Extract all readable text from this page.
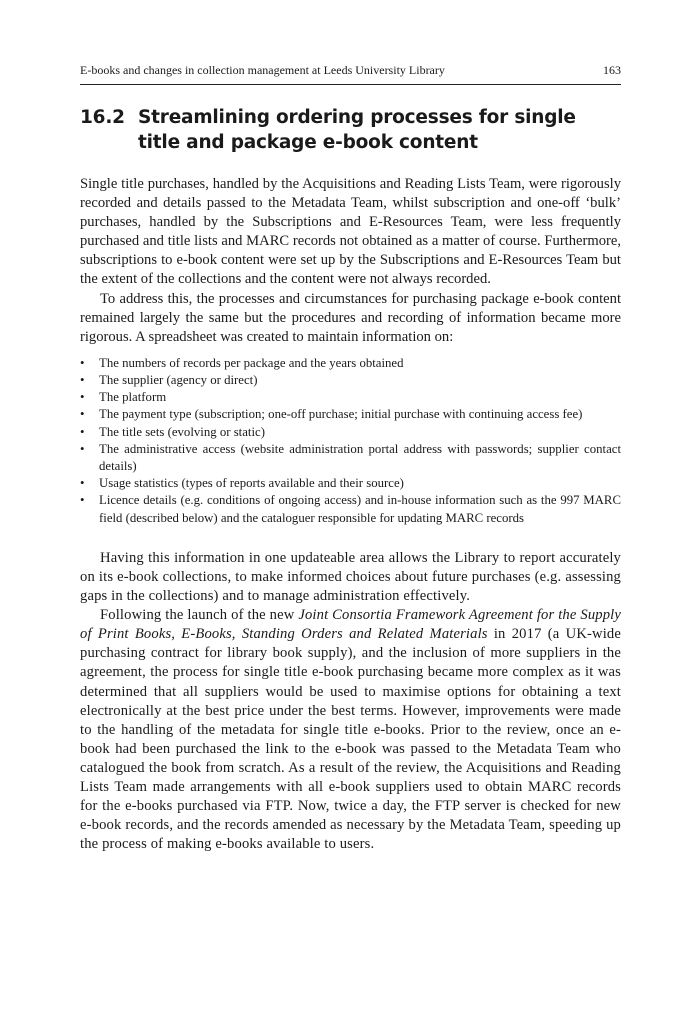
E-books and changes in collection management at Leeds University Library	163
16.2 Streamlining ordering processes for single title and package e-book content

Single title purchases, handled by the Acquisitions and Reading Lists Team, were rigorously recorded and details passed to the Metadata Team, whilst subscription and one-off ‘bulk’ purchases, handled by the Subscriptions and E-Resources Team, were less frequently purchased and title lists and MARC records not obtained as a matter of course. Furthermore, subscriptions to e-book content were set up by the Subscriptions and E-Resources Team but the extent of the collections and the content were not always recorded.

To address this, the processes and circumstances for purchasing package e-book content remained largely the same but the procedures and recording of information became more rigorous. A spreadsheet was created to maintain information on:

• The numbers of records per package and the years obtained
• The supplier (agency or direct)
• The platform
• The payment type (subscription; one-off purchase; initial purchase with continuing access fee)
• The title sets (evolving or static)
• The administrative access (website administration portal address with passwords; supplier contact details)
• Usage statistics (types of reports available and their source)
• Licence details (e.g. conditions of ongoing access) and in-house information such as the 997 MARC field (described below) and the cataloguer responsible for updating MARC records

Having this information in one updateable area allows the Library to report accurately on its e-book collections, to make informed choices about future purchases (e.g. assessing gaps in the collections) and to manage administration effectively.

Following the launch of the new Joint Consortia Framework Agreement for the Supply of Print Books, E-Books, Standing Orders and Related Materials in 2017 (a UK-wide purchasing contract for library book supply), and the inclusion of more suppliers in the agreement, the process for single title e-book purchasing became more complex as it was determined that all suppliers would be used to maximise options for obtaining a text electronically at the best price under the best terms. However, improvements were made to the handling of the metadata for single title e-books. Prior to the review, once an e-book had been purchased the link to the e-book was passed to the Metadata Team who catalogued the book from scratch. As a result of the review, the Acquisitions and Reading Lists Team made arrangements with all e-book suppliers used to obtain MARC records for the e-books purchased via FTP. Now, twice a day, the FTP server is checked for new e-book records, and the records amended as necessary by the Metadata Team, speeding up the process of making e-books available to users.
